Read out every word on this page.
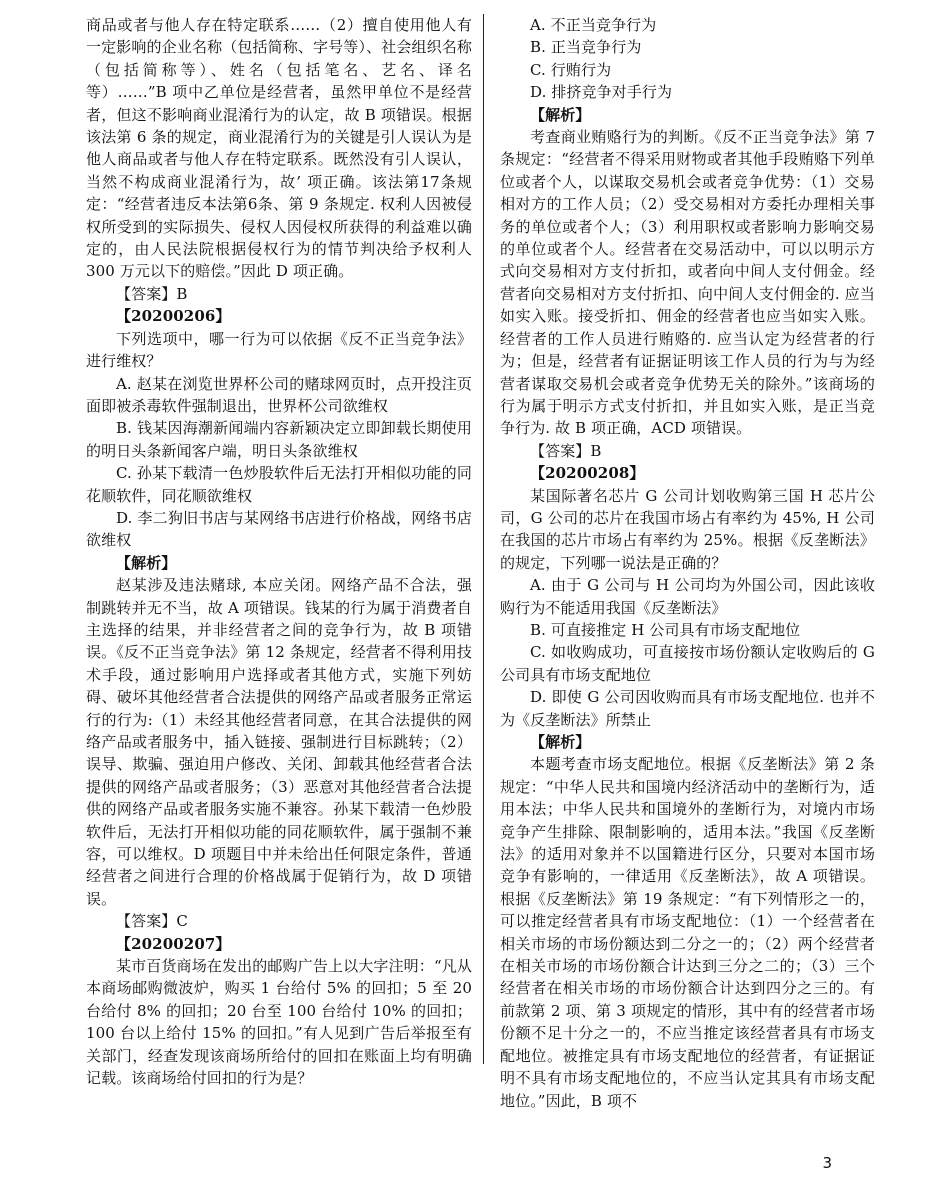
商品或者与他人存在特定联系……（2）擅自使用他人有一定影响的企业名称（包括简称、字号等）、社会组织名称（包括简称等）、姓名（包括笔名、艺名、译名等）……”B 项中乙单位是经营者，虽然甲单位不是经营者，但这不影响商业混淆行为的认定，故 B 项错误。根据该法第 6 条的规定，商业混淆行为的关键是引人误认为是他人商品或者与他人存在特定联系。既然没有引人误认，当然不构成商业混淆行为，故’ 项正确。该法第17条规定：“经营者违反本法第6条、第 9 条规定. 权利人因被侵权所受到的实际损失、侵权人因侵权所获得的利益难以确定的，由人民法院根据侵权行为的情节判决给予权利人 300 万元以下的赔偿。”因此 D 项正确。

【答案】B

【20200206】

下列选项中，哪一行为可以依据《反不正当竞争法》进行维权？

A. 赵某在浏览世界杯公司的赌球网页时，点开投注页面即被杀毒软件强制退出，世界杯公司欲维权

B. 钱某因海潮新闻端内容新颖决定立即卸载长期使用的明日头条新闻客户端，明日头条欲维权

C. 孙某下载清一色炒股软件后无法打开相似功能的同花顺软件，同花顺欲维权

D. 李二狗旧书店与某网络书店进行价格战，网络书店欲维权

【解析】

赵某涉及违法赌球, 本应关闭。网络产品不合法，强制跳转并无不当，故 A 项错误。钱某的行为属于消费者自主选择的结果，并非经营者之间的竞争行为，故 B 项错误。《反不正当竞争法》第 12 条规定，经营者不得利用技术手段，通过影响用户选择或者其他方式，实施下列妨碍、破坏其他经营者合法提供的网络产品或者服务正常运行的行为:（1）未经其他经营者同意，在其合法提供的网络产品或者服务中，插入链接、强制进行目标跳转；（2）误导、欺骗、强迫用户修改、关闭、卸载其他经营者合法提供的网络产品或者服务；（3）恶意对其他经营者合法提供的网络产品或者服务实施不兼容。孙某下载清一色炒股软件后，无法打开相似功能的同花顺软件，属于强制不兼容，可以维权。D 项题目中并未给出任何限定条件，普通经营者之间进行合理的价格战属于促销行为，故 D 项错误。

【答案】C

【20200207】

某市百货商场在发出的邮购广告上以大字注明：“凡从本商场邮购微波炉，购买 1 台给付 5% 的回扣；5 至 20 台给付 8% 的回扣；20 台至 100 台给付 10% 的回扣；100 台以上给付 15% 的回扣。”有人见到广告后举报至有关部门，经查发现该商场所给付的回扣在账面上均有明确记载。该商场给付回扣的行为是？

A. 不正当竞争行为

B. 正当竞争行为

C. 行贿行为

D. 排挤竞争对手行为

【解析】

考查商业贿赂行为的判断。《反不正当竞争法》第 7 条规定：“经营者不得采用财物或者其他手段贿赂下列单位或者个人，以谋取交易机会或者竞争优势：（1）交易相对方的工作人员；（2）受交易相对方委托办理相关事务的单位或者个人；（3）利用职权或者影响力影响交易的单位或者个人。经营者在交易活动中，可以以明示方式向交易相对方支付折扣，或者向中间人支付佣金。经营者向交易相对方支付折扣、向中间人支付佣金的. 应当如实入账。接受折扣、佣金的经营者也应当如实入账。经营者的工作人员进行贿赂的. 应当认定为经营者的行为；但是，经营者有证据证明该工作人员的行为与为经营者谋取交易机会或者竞争优势无关的除外。”该商场的行为属于明示方式支付折扣，并且如实入账，是正当竞争行为. 故 B 项正确，ACD 项错误。

【答案】B

【20200208】

某国际著名芯片 G 公司计划收购第三国 H 芯片公司，G 公司的芯片在我国市场占有率约为 45%, H 公司在我国的芯片市场占有率约为 25%。根据《反垄断法》的规定，下列哪一说法是正确的？

A. 由于 G 公司与 H 公司均为外国公司，因此该收购行为不能适用我国《反垄断法》

B. 可直接推定 H 公司具有市场支配地位

C. 如收购成功，可直接按市场份额认定收购后的 G 公司具有市场支配地位

D. 即使 G 公司因收购而具有市场支配地位. 也并不为《反垄断法》所禁止

【解析】

本题考查市场支配地位。根据《反垄断法》第 2 条规定：“中华人民共和国境内经济活动中的垄断行为，适用本法；中华人民共和国境外的垄断行为，对境内市场竞争产生排除、限制影响的，适用本法。”我国《反垄断法》的适用对象并不以国籍进行区分，只要对本国市场竞争有影响的，一律适用《反垄断法》，故 A 项错误。根据《反垄断法》第 19 条规定：“有下列情形之一的，可以推定经营者具有市场支配地位：（1）一个经营者在相关市场的市场份额达到二分之一的；（2）两个经营者在相关市场的市场份额合计达到三分之二的；（3）三个经营者在相关市场的市场份额合计达到四分之三的。有前款第 2 项、第 3 项规定的情形，其中有的经营者市场份额不足十分之一的，不应当推定该经营者具有市场支配地位。被推定具有市场支配地位的经营者，有证据证明不具有市场支配地位的，不应当认定其具有市场支配地位。”因此，B 项不

3
